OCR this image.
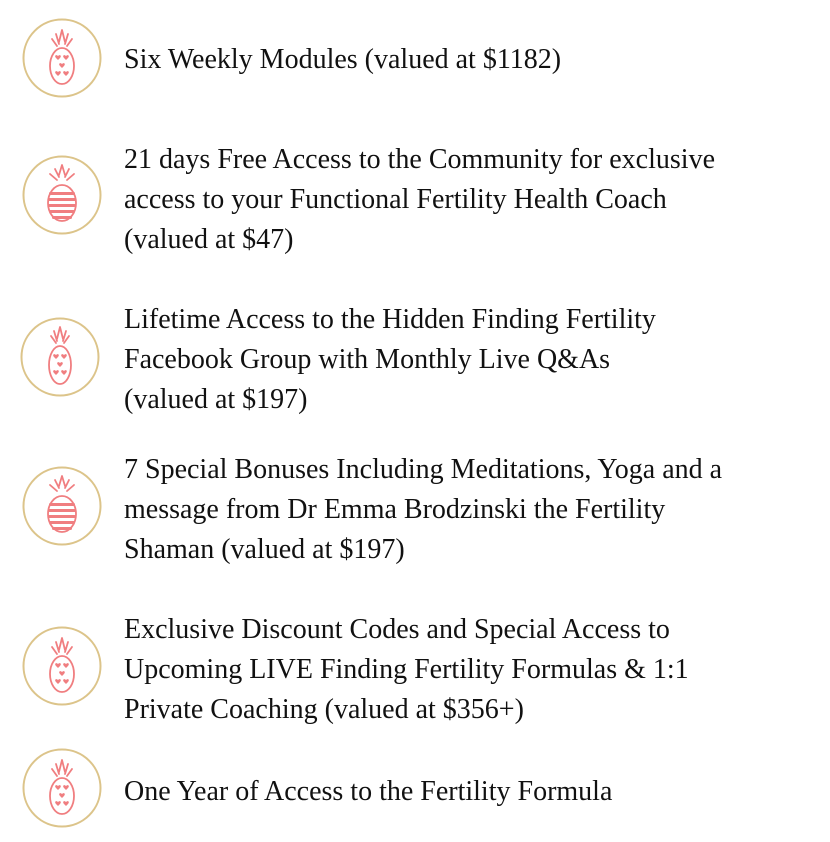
Six Weekly Modules (valued at $1182)

21 days Free Access to the Community for exclusive
access to your Functional Fertility Health Coach
(valued at $47)

Lifetime Access to the Hidden Finding Fertility
Facebook Group with Monthly Live Q&As
(valued at $197)

7 Special Bonuses Including Meditations, Yoga and a
message from Dr Emma Brodzinski the Fertility
Shaman (valued at $197)

Exclusive Discount Codes and Special Access to
Upcoming LIVE Finding Fertility Formulas & 1:1
Private Coaching (valued at $356+)

One Year of Access to the Fertility Formula
